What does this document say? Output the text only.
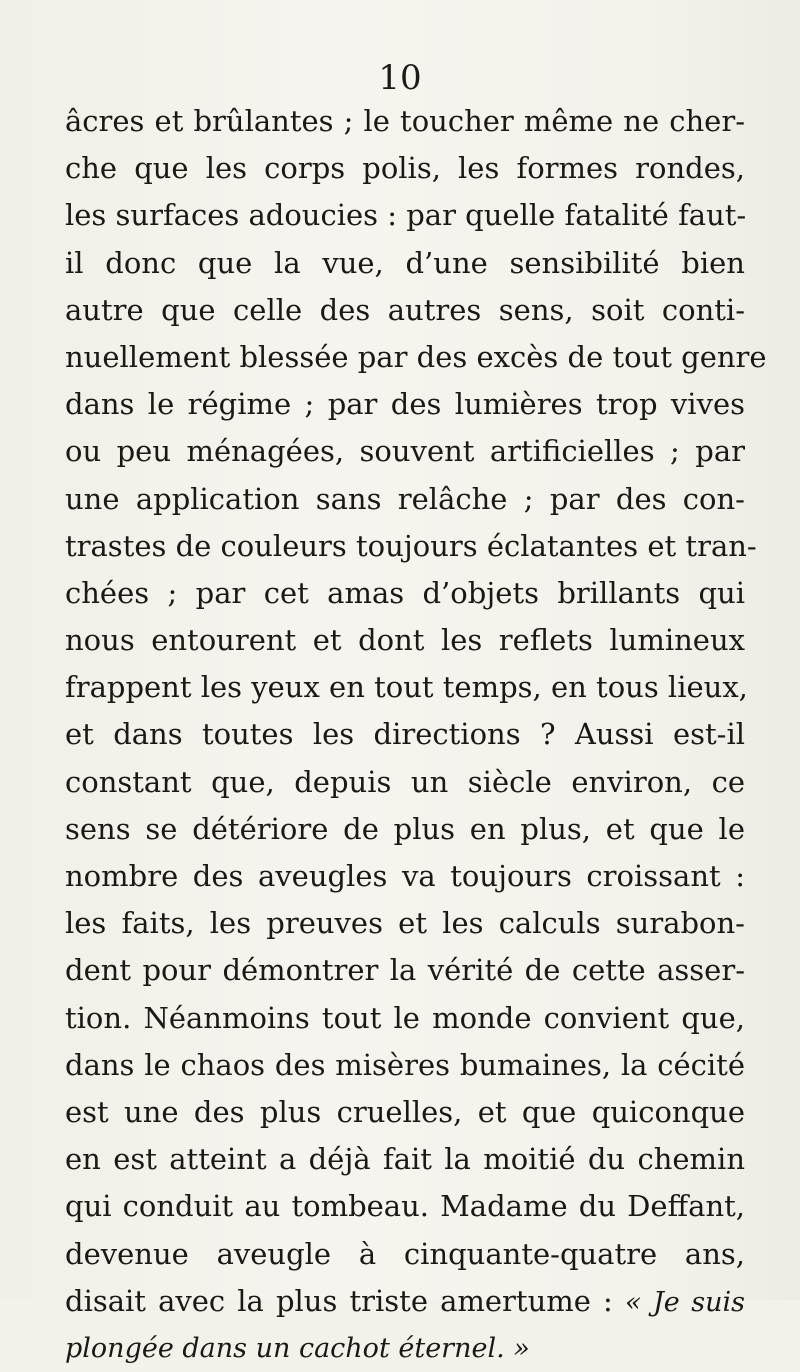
10
âcres et brûlantes ; le toucher même ne cher-
che que les corps polis, les formes rondes,
les surfaces adoucies : par quelle fatalité faut-
il donc que la vue, d’une sensibilité bien
autre que celle des autres sens, soit conti-
nuellement blessée par des excès de tout genre
dans le régime ; par des lumières trop vives
ou peu ménagées, souvent artificielles ; par
une application sans relâche ; par des con-
trastes de couleurs toujours éclatantes et tran-
chées ; par cet amas d’objets brillants qui
nous entourent et dont les reflets lumineux
frappent les yeux en tout temps, en tous lieux,
et dans toutes les directions ? Aussi est-il
constant que, depuis un siècle environ, ce
sens se détériore de plus en plus, et que le
nombre des aveugles va toujours croissant :
les faits, les preuves et les calculs surabon-
dent pour démontrer la vérité de cette asser-
tion. Néanmoins tout le monde convient que,
dans le chaos des misères bumaines, la cécité
est une des plus cruelles, et que quiconque
en est atteint a déjà fait la moitié du chemin
qui conduit au tombeau. Madame du Deffant,
devenue aveugle à cinquante-quatre ans,
disait avec la plus triste amertume : « Je suis
plongée dans un cachot éternel. »
